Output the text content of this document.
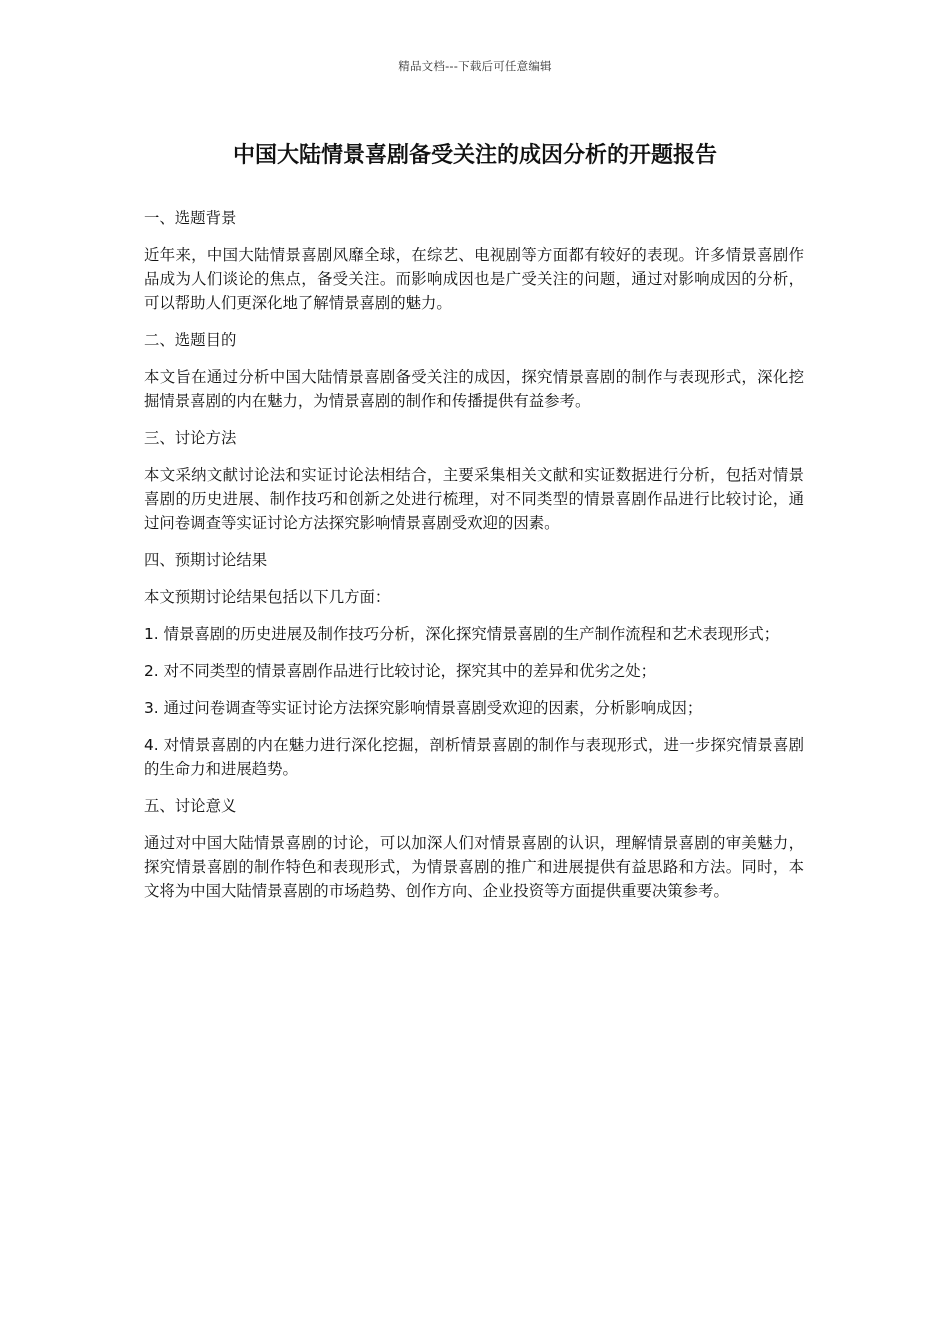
精品文档---下载后可任意编辑
中国大陆情景喜剧备受关注的成因分析的开题报告

一、选题背景

近年来，中国大陆情景喜剧风靡全球，在综艺、电视剧等方面都有较好的表现。许多情景喜剧作品成为人们谈论的焦点，备受关注。而影响成因也是广受关注的问题，通过对影响成因的分析，可以帮助人们更深化地了解情景喜剧的魅力。

二、选题目的

本文旨在通过分析中国大陆情景喜剧备受关注的成因，探究情景喜剧的制作与表现形式，深化挖掘情景喜剧的内在魅力，为情景喜剧的制作和传播提供有益参考。

三、讨论方法

本文采纳文献讨论法和实证讨论法相结合，主要采集相关文献和实证数据进行分析，包括对情景喜剧的历史进展、制作技巧和创新之处进行梳理，对不同类型的情景喜剧作品进行比较讨论，通过问卷调查等实证讨论方法探究影响情景喜剧受欢迎的因素。

四、预期讨论结果

本文预期讨论结果包括以下几方面：

1. 情景喜剧的历史进展及制作技巧分析，深化探究情景喜剧的生产制作流程和艺术表现形式；

2. 对不同类型的情景喜剧作品进行比较讨论，探究其中的差异和优劣之处；

3. 通过问卷调查等实证讨论方法探究影响情景喜剧受欢迎的因素，分析影响成因；

4. 对情景喜剧的内在魅力进行深化挖掘，剖析情景喜剧的制作与表现形式，进一步探究情景喜剧的生命力和进展趋势。

五、讨论意义

通过对中国大陆情景喜剧的讨论，可以加深人们对情景喜剧的认识，理解情景喜剧的审美魅力，探究情景喜剧的制作特色和表现形式，为情景喜剧的推广和进展提供有益思路和方法。同时，本文将为中国大陆情景喜剧的市场趋势、创作方向、企业投资等方面提供重要决策参考。
